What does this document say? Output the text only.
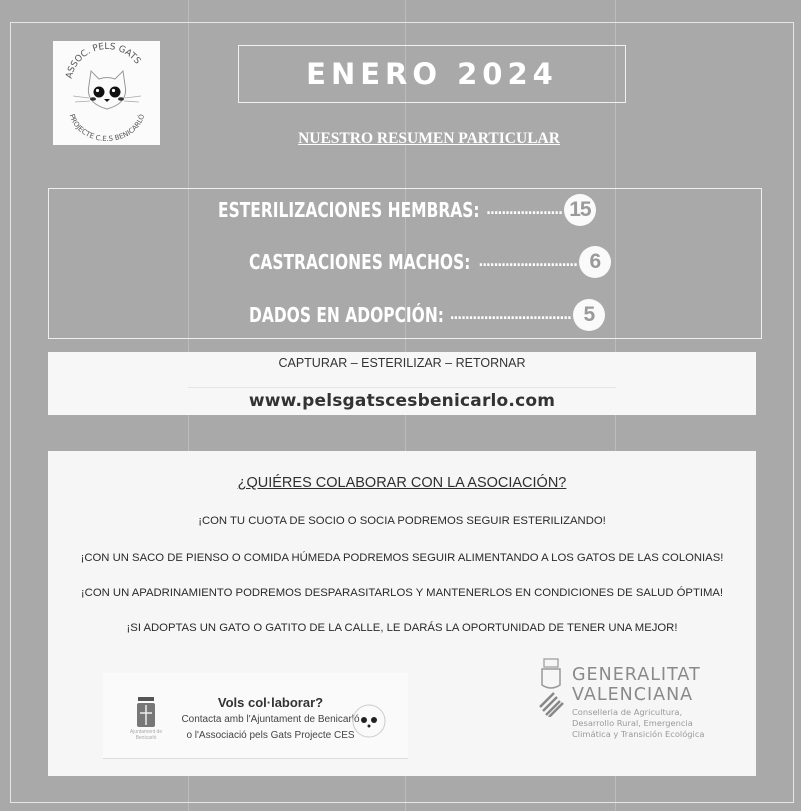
ASSOC. PELS GATS
PROJECTE C.E.S BENICARLÓ
ENERO 2024
NUESTRO RESUMEN PARTICULAR
ESTERILIZACIONES HEMBRAS: .................... 15
CASTRACIONES MACHOS: .......................... 6
DADOS EN ADOPCIÓN: ................................ 5
CAPTURAR – ESTERILIZAR – RETORNAR
www.pelsgatscesbenicarlo.com
¿QUIÉRES COLABORAR CON LA ASOCIACIÓN?
¡CON TU CUOTA DE SOCIO O SOCIA PODREMOS SEGUIR ESTERILIZANDO!
¡CON UN SACO DE PIENSO O COMIDA HÚMEDA PODREMOS SEGUIR ALIMENTANDO A LOS GATOS DE LAS COLONIAS!
¡CON UN APADRINAMIENTO PODREMOS DESPARASITARLOS Y MANTENERLOS EN CONDICIONES DE SALUD ÓPTIMA!
¡SI ADOPTAS UN GATO O GATITO DE LA CALLE, LE DARÁS LA OPORTUNIDAD DE TENER UNA MEJOR!
Ajuntament de Benicarló
Vols col·laborar?
Contacta amb l'Ajuntament de Benicarló
o l'Associació pels Gats Projecte CES
GENERALITAT
VALENCIANA
Conselleria de Agricultura,
Desarrollo Rural, Emergencia
Climática y Transición Ecológica
